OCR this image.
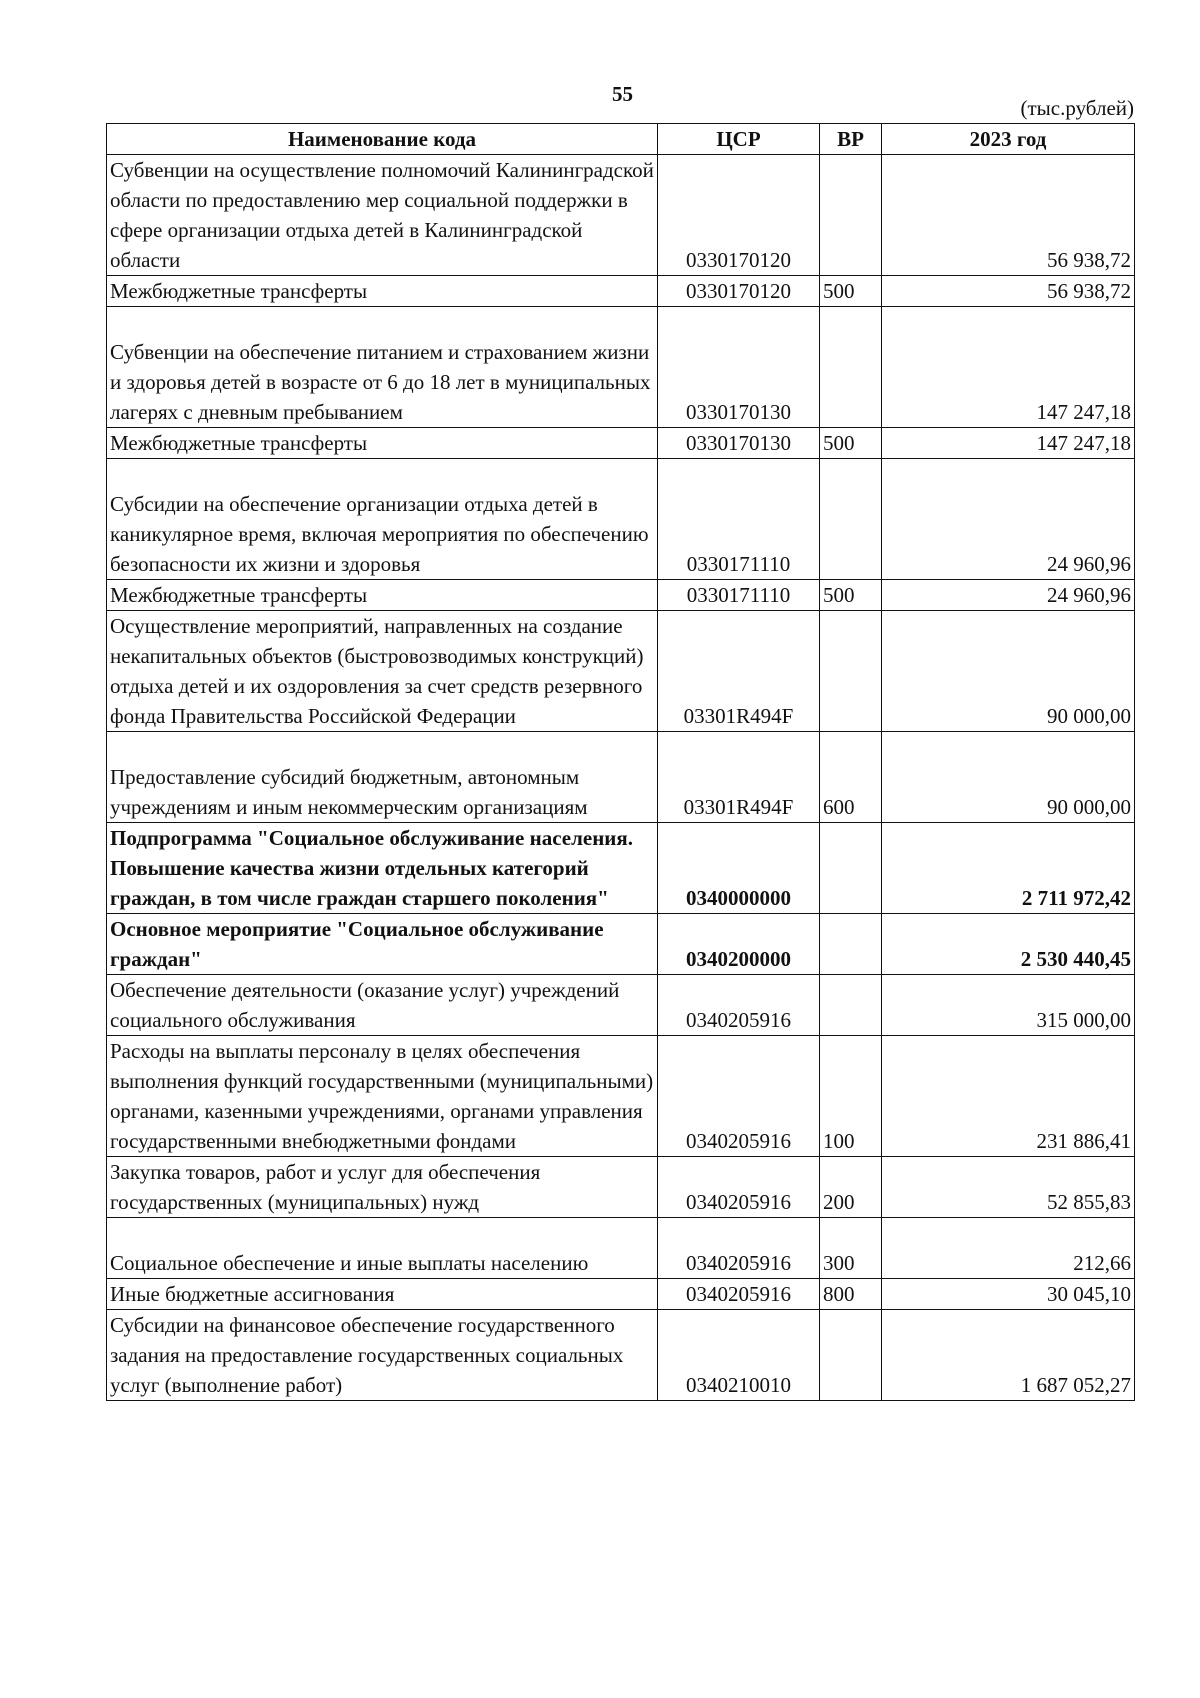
55
(тыс.рублей)
Наименование кода	ЦСР	ВР	2023 год
Субвенции на осуществление полномочий Калининградской области по предоставлению мер социальной поддержки в сфере организации отдыха детей в Калининградской области	0330170120		56 938,72
Межбюджетные трансферты	0330170120	500	56 938,72
Субвенции на обеспечение питанием и страхованием жизни и здоровья детей в возрасте от 6 до 18 лет в муниципальных лагерях с дневным пребыванием	0330170130		147 247,18
Межбюджетные трансферты	0330170130	500	147 247,18
Субсидии на обеспечение организации отдыха детей в каникулярное время, включая мероприятия по обеспечению безопасности их жизни и здоровья	0330171110		24 960,96
Межбюджетные трансферты	0330171110	500	24 960,96
Осуществление мероприятий, направленных на создание некапитальных объектов (быстровозводимых конструкций) отдыха детей и их оздоровления за счет средств резервного фонда Правительства Российской Федерации	03301R494F		90 000,00
Предоставление субсидий бюджетным, автономным учреждениям и иным некоммерческим организациям	03301R494F	600	90 000,00
Подпрограмма "Социальное обслуживание населения. Повышение качества жизни отдельных категорий граждан, в том числе граждан старшего поколения"	0340000000		2 711 972,42
Основное мероприятие "Социальное обслуживание граждан"	0340200000		2 530 440,45
Обеспечение деятельности (оказание услуг) учреждений социального обслуживания	0340205916		315 000,00
Расходы на выплаты персоналу в целях обеспечения выполнения функций государственными (муниципальными) органами, казенными учреждениями, органами управления государственными внебюджетными фондами	0340205916	100	231 886,41
Закупка товаров, работ и услуг для обеспечения государственных (муниципальных) нужд	0340205916	200	52 855,83
Социальное обеспечение и иные выплаты населению	0340205916	300	212,66
Иные бюджетные ассигнования	0340205916	800	30 045,10
Субсидии на финансовое обеспечение государственного задания на предоставление государственных социальных услуг (выполнение работ)	0340210010		1 687 052,27
